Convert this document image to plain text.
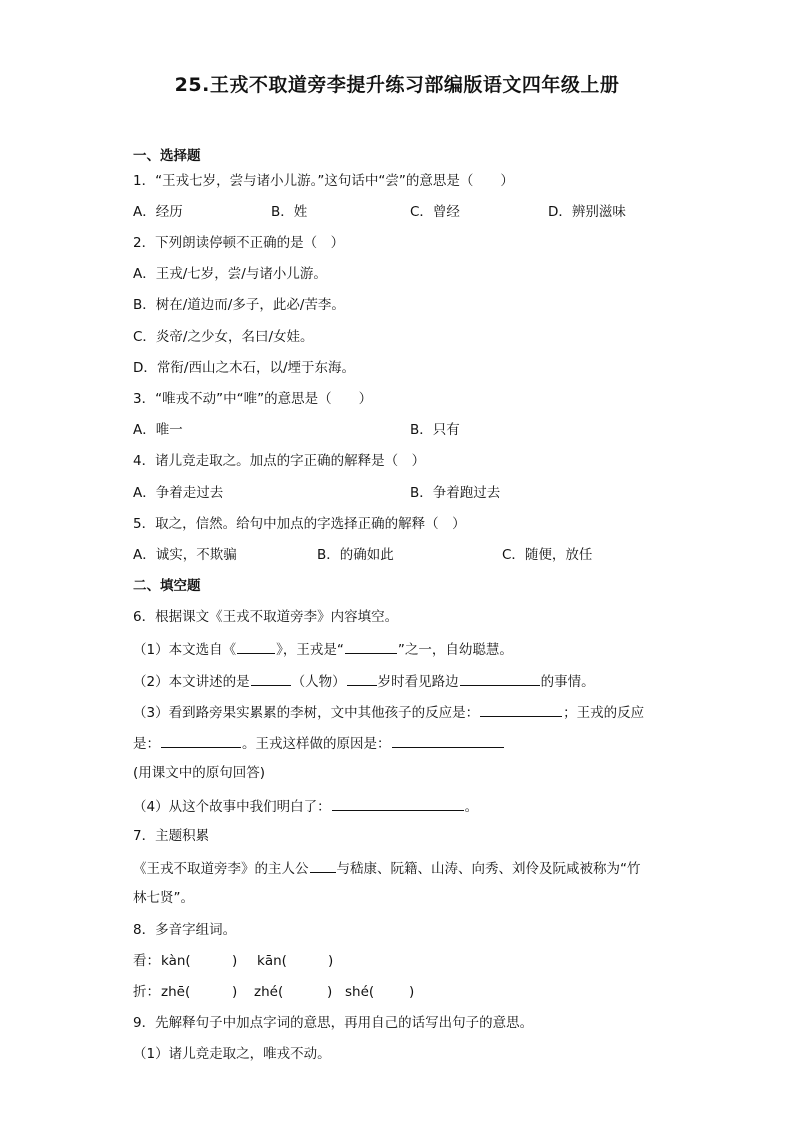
25.王戎不取道旁李提升练习部编版语文四年级上册
一、选择题
1．“王戎七岁，尝与诸小儿游。”这句话中“尝”的意思是（　　）
A．经历	B．姓	C．曾经	D．辨别滋味
2．下列朗读停顿不正确的是（　）
A．王戎/七岁，尝/与诸小儿游。
B．树在/道边而/多子，此必/苦李。
C．炎帝/之少女，名曰/女娃。
D．常衔/西山之木石，以/堙于东海。
3．“唯戎不动”中“唯”的意思是（　　）
A．唯一	B．只有
4．诸儿竞走取之。加点的字正确的解释是（　）
A．争着走过去	B．争着跑过去
5．取之，信然。给句中加点的字选择正确的解释（　）
A．诚实，不欺骗	B．的确如此	C．随便，放任
二、填空题
6．根据课文《王戎不取道旁李》内容填空。
（1）本文选自《	》，王戎是“	”之一，自幼聪慧。
（2）本文讲述的是	（人物） 岁时看见路边	的事情。
（3）看到路旁果实累累的李树，文中其他孩子的反应是：	；王戎的反应
是：	。王戎这样做的原因是：
(用课文中的原句回答)
（4）从这个故事中我们明白了：	。
7．主题积累
《王戎不取道旁李》的主人公 与嵇康、阮籍、山涛、向秀、刘伶及阮咸被称为“竹
林七贤”。
8．多音字组词。
看： kàn(	) kān(	)
折： zhē(	) zhé(	) shé(	)
9．先解释句子中加点字词的意思，再用自己的话写出句子的意思。
（1）诸儿竞走取之，唯戎不动。
